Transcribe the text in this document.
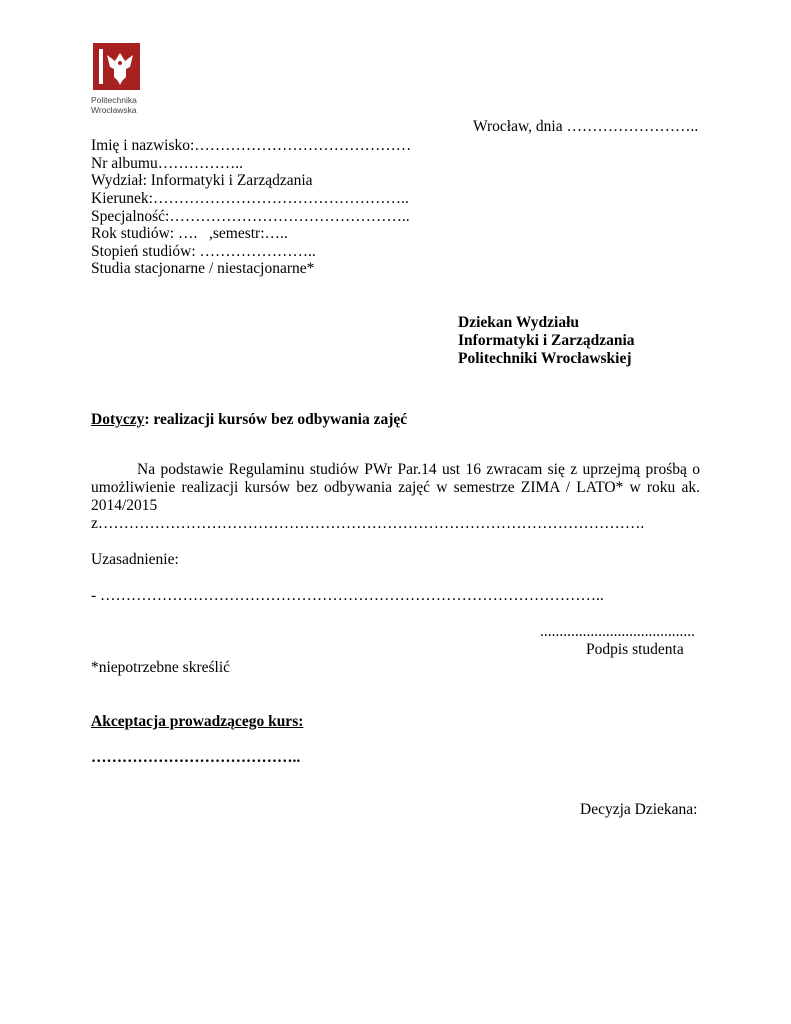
Politechnika
Wrocławska
Wrocław, dnia ……………………..
Imię i nazwisko:……………………………………
Nr albumu……………..
Wydział: Informatyki i Zarządzania
Kierunek:…………………………………………..
Specjalność:………………………………………..
Rok studiów: ….   ,semestr:…..
Stopień studiów: …………………..
Studia stacjonarne / niestacjonarne*
Dziekan Wydziału
Informatyki i Zarządzania
Politechniki Wrocławskiej
Dotyczy: realizacji kursów bez odbywania zajęć
Na podstawie Regulaminu studiów PWr Par.14 ust 16 zwracam się z uprzejmą prośbą o umożliwienie realizacji kursów bez odbywania zajęć w semestrze ZIMA / LATO* w roku ak. 2014/2015
z…………………………………………………………………………………………….
Uzasadnienie:
- ……………………………………………………………………………………..
........................................
Podpis studenta
*niepotrzebne skreślić
Akceptacja prowadzącego kurs:
…………………………………..
Decyzja Dziekana:
